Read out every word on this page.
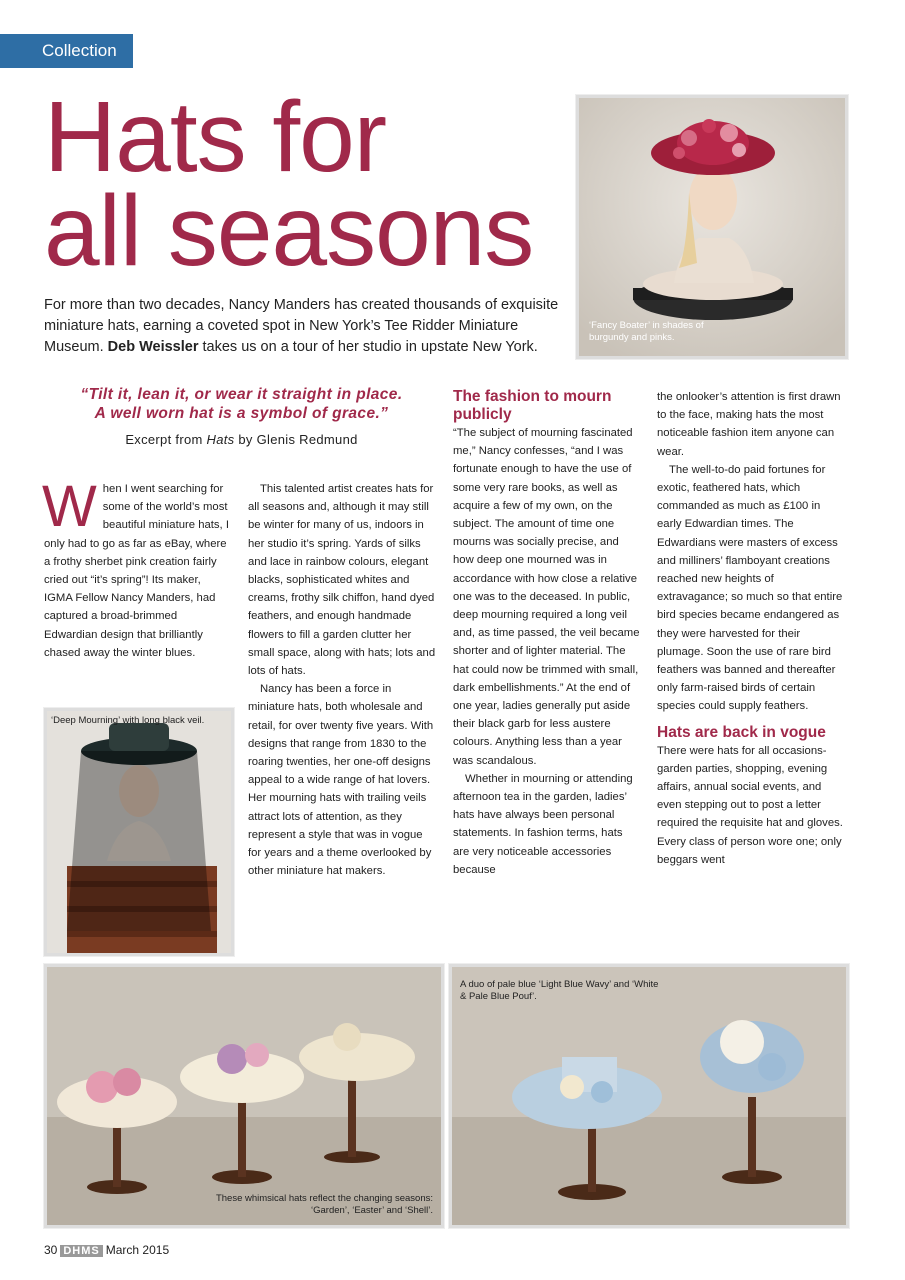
Collection
Hats for
all seasons
For more than two decades, Nancy Manders has created thousands of exquisite miniature hats, earning a coveted spot in New York’s Tee Ridder Miniature Museum. Deb Weissler takes us on a tour of her studio in upstate New York.
‘Fancy Boater’ in shades of burgundy and pinks.
“Tilt it, lean it, or wear it straight in place.
A well worn hat is a symbol of grace.”
Excerpt from Hats by Glenis Redmund

When I went searching for some of the world’s most beautiful miniature hats, I only had to go as far as eBay, where a frothy sherbet pink creation fairly cried out “it’s spring”! Its maker, IGMA Fellow Nancy Manders, had captured a broad-brimmed Edwardian design that brilliantly chased away the winter blues.

‘Deep Mourning’ with long black veil.

This talented artist creates hats for all seasons and, although it may still be winter for many of us, indoors in her studio it’s spring. Yards of silks and lace in rainbow colours, elegant blacks, sophisticated whites and creams, frothy silk chiffon, hand dyed feathers, and enough handmade flowers to fill a garden clutter her small space, along with hats; lots and lots of hats.

Nancy has been a force in miniature hats, both wholesale and retail, for over twenty five years. With designs that range from 1830 to the roaring twenties, her one-off designs appeal to a wide range of hat lovers. Her mourning hats with trailing veils attract lots of attention, as they represent a style that was in vogue for years and a theme overlooked by other miniature hat makers.

The fashion to mourn publicly

“The subject of mourning fascinated me,” Nancy confesses, “and I was fortunate enough to have the use of some very rare books, as well as acquire a few of my own, on the subject. The amount of time one mourns was socially precise, and how deep one mourned was in accordance with how close a relative one was to the deceased. In public, deep mourning required a long veil and, as time passed, the veil became shorter and of lighter material. The hat could now be trimmed with small, dark embellishments.” At the end of one year, ladies generally put aside their black garb for less austere colours. Anything less than a year was scandalous.

Whether in mourning or attending afternoon tea in the garden, ladies’ hats have always been personal statements. In fashion terms, hats are very noticeable accessories because

the onlooker’s attention is first drawn to the face, making hats the most noticeable fashion item anyone can wear.

The well-to-do paid fortunes for exotic, feathered hats, which commanded as much as £100 in early Edwardian times. The Edwardians were masters of excess and milliners’ flamboyant creations reached new heights of extravagance; so much so that entire bird species became endangered as they were harvested for their plumage. Soon the use of rare bird feathers was banned and thereafter only farm-raised birds of certain species could supply feathers.

Hats are back in vogue

There were hats for all occasions-garden parties, shopping, evening affairs, annual social events, and even stepping out to post a letter required the requisite hat and gloves. Every class of person wore one; only beggars went

These whimsical hats reflect the changing seasons: ‘Garden’, ‘Easter’ and ‘Shell’.
A duo of pale blue ‘Light Blue Wavy’ and ‘White & Pale Blue Pouf’.
30 DHMS March 2015
